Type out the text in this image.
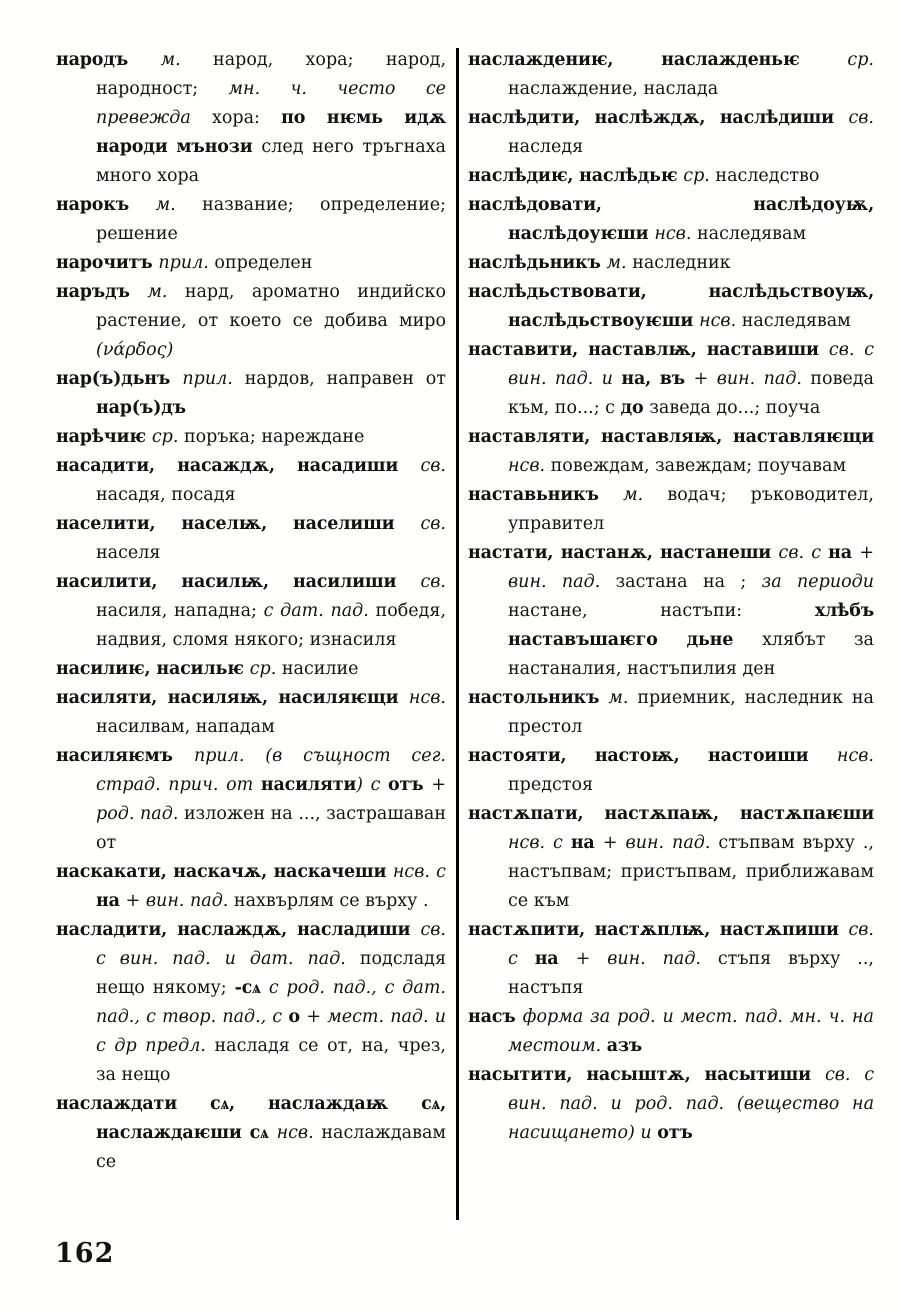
народъ м. народ, хора; народ, народност; мн. ч. често се превежда хора: по нѥмь идѫ народи мънози след него тръгнаха много хора

нарокъ м. название; определение; решение

нарочитъ прил. определен

наръдъ м. нард, ароматно индийско растение, от което се добива миро (νάρδος)

нар(ъ)дьнъ прил. нардов, направен от нар(ъ)дъ

нарѣчиѥ ср. поръка; нареждане

насадити, насаждѫ, насадиши св. насадя, посадя

населити, населѭ, населиши св. населя

насилити, насилѭ, насилиши св. насиля, нападна; с дат. пад. победя, надвия, сломя някого; изнасиля

насилиѥ, насильѥ ср. насилие

насиляти, насиляѭ, насиляѥщи нсв. насилвам, нападам

насиляѥмъ прил. (в същност сег. страд. прич. от насиляти) с отъ + род. пад. изложен на ..., застрашаван от

наскакати, наскачѫ, наскачеши нсв. с на + вин. пад. нахвърлям се върху .

насладити, наслаждѫ, насладиши св. с вин. пад. и дат. пад. подсладя нещо някому; -сѧ с род. пад., с дат. пад., с твор. пад., с о + мест. пад. и с др предл. насладя се от, на, чрез, за нещо

наслаждати сѧ, наслаждаѭ сѧ, наслаждаѥши сѧ нсв. наслаждавам се

наслаждениѥ, наслажденьѥ ср. наслаждение, наслада

наслѣдити, наслѣждѫ, наслѣдиши св. наследя

наслѣдиѥ, наслѣдьѥ ср. наследство

наслѣдовати, наслѣдоуѭ, наслѣдоуѥши нсв. наследявам

наслѣдьникъ м. наследник

наслѣдьствовати, наслѣдьствоуѭ, наслѣдьствоуѥши нсв. наследявам

наставити, наставлѭ, наставиши св. с вин. пад. и на, въ + вин. пад. поведа към, по...; с до заведа до...; поуча

наставляти, наставляѭ, наставляѥщи нсв. повеждам, завеждам; поучавам

наставьникъ м. водач; ръководител, управител

настати, настанѫ, настанеши св. с на + вин. пад. застана на ; за периоди настане, настъпи: хлѣбъ наставъшаѥго дьне хлябът за настаналия, настъпилия ден

настольникъ м. приемник, наследник на престол

настояти, настоѭ, настоиши нсв. предстоя

настѫпати, настѫпаѭ, настѫпаѥши нсв. с на + вин. пад. стъпвам върху ., настъпвам; пристъпвам, приближавам се към

настѫпити, настѫплѭ, настѫпиши св. с на + вин. пад. стъпя върху .., настъпя

насъ форма за род. и мест. пад. мн. ч. на местоим. азъ

насытити, насыштѫ, насытиши св. с вин. пад. и род. пад. (вещество на насищането) и отъ

162
